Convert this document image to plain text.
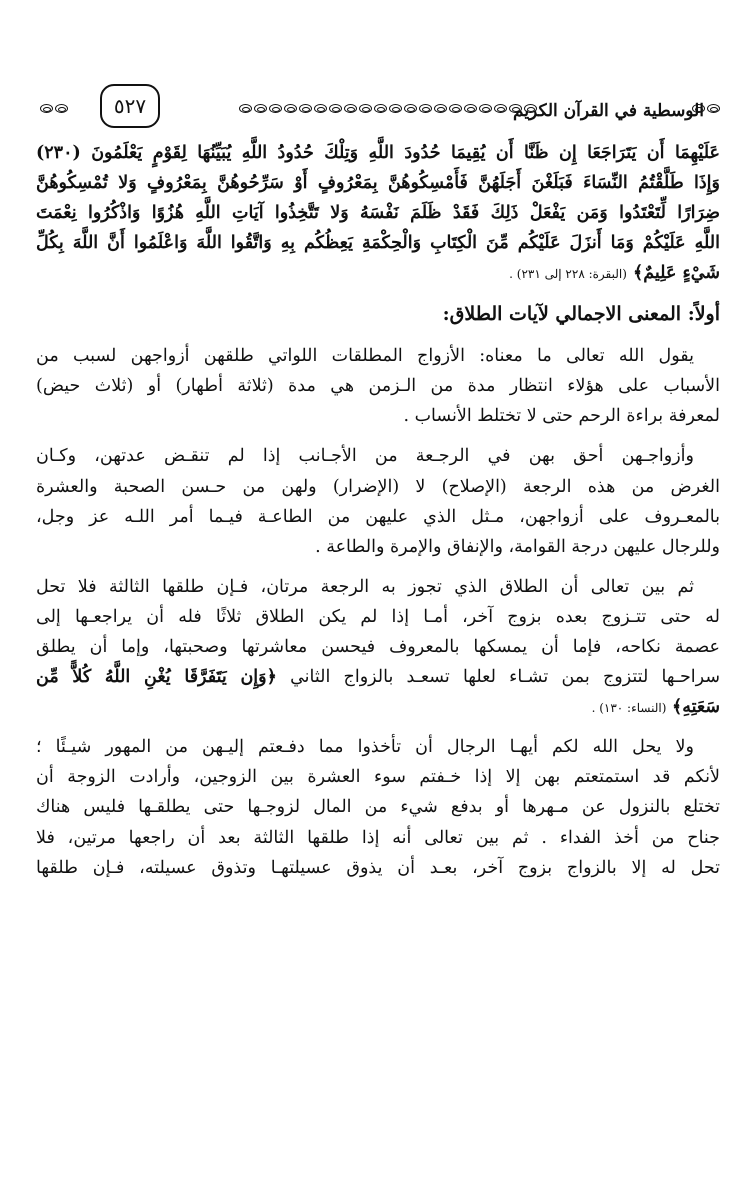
الوسطية في القرآن الكريم
٥٢٧
عَلَيْهِمَا أَن يَتَرَاجَعَا إِن ظَنَّا أَن يُقِيمَا حُدُودَ اللَّهِ وَتِلْكَ حُدُودُ اللَّهِ يُبَيِّنُهَا لِقَوْمٍ يَعْلَمُونَ (٢٣٠)
وَإِذَا طَلَّقْتُمُ النِّسَاءَ فَبَلَغْنَ أَجَلَهُنَّ فَأَمْسِكُوهُنَّ بِمَعْرُوفٍ أَوْ سَرِّحُوهُنَّ بِمَعْرُوفٍ وَلا تُمْسِكُوهُنَّ
ضِرَارًا لِّتَعْتَدُوا وَمَن يَفْعَلْ ذَلِكَ فَقَدْ ظَلَمَ نَفْسَهُ وَلا تَتَّخِذُوا آيَاتِ اللَّهِ هُزُوًا وَاذْكُرُوا نِعْمَتَ
اللَّهِ عَلَيْكُمْ وَمَا أَنزَلَ عَلَيْكُم مِّنَ الْكِتَابِ وَالْحِكْمَةِ يَعِظُكُم بِهِ وَاتَّقُوا اللَّهَ وَاعْلَمُوا أَنَّ اللَّهَ بِكُلِّ
شَيْءٍ عَلِيمٌ﴾ (البقرة: ٢٢٨ إلى ٢٣١) .
أولاً: المعنى الاجمالي لآيات الطلاق:
يقول الله تعالى ما معناه: الأزواج المطلقات اللواتي طلقهن أزواجهن لسبب من
الأسباب على هؤلاء انتظار مدة من الـزمن هي مدة (ثلاثة أطهار) أو (ثلاث حيض)
لمعرفة براءة الرحم حتى لا تختلط الأنساب .
وأزواجـهن أحق بهن في الرجـعة من الأجـانب إذا لم تنقـض عدتهن، وكـان
الغرض من هذه الرجعة (الإصلاح) لا (الإضرار) ولهن من حـسن الصحبة والعشرة
بالمعـروف على أزواجهن، مـثل الذي عليهن من الطاعـة فيـما أمر اللـه عز وجل،
وللرجال عليهن درجة القوامة، والإنفاق والإمرة والطاعة .
ثم بين تعالى أن الطلاق الذي تجوز به الرجعة مرتان، فـإن طلقها الثالثة فلا تحل
له حتى تتـزوج بعده بزوج آخر، أمـا إذا لم يكن الطلاق ثلاثًا فله أن يراجعـها إلى
عصمة نكاحه، فإما أن يمسكها بالمعروف فيحسن معاشرتها وصحبتها، وإما أن يطلق
سراحـها لتتزوج بمن تشـاء لعلها تسعـد بالزواج الثاني ﴿وَإِن يَتَفَرَّقَا يُغْنِ اللَّهُ كُلاًّ مِّن
سَعَتِهِ﴾ (النساء: ١٣٠) .
ولا يحل الله لكم أيهـا الرجال أن تأخذوا مما دفـعتم إليـهن من المهور شيـئًا ؛
لأنكم قد استمتعتم بهن إلا إذا خـفتم سوء العشرة بين الزوجين، وأرادت الزوجة أن
تختلع بالنزول عن مـهرها أو بدفع شيء من المال لزوجـها حتى يطلقـها فليس هناك
جناح من أخذ الفداء . ثم بين تعالى أنه إذا طلقها الثالثة بعد أن راجعها مرتين، فلا
تحل له إلا بالزواج بزوج آخر، بعـد أن يذوق عسيلتهـا وتذوق عسيلته، فـإن طلقها
